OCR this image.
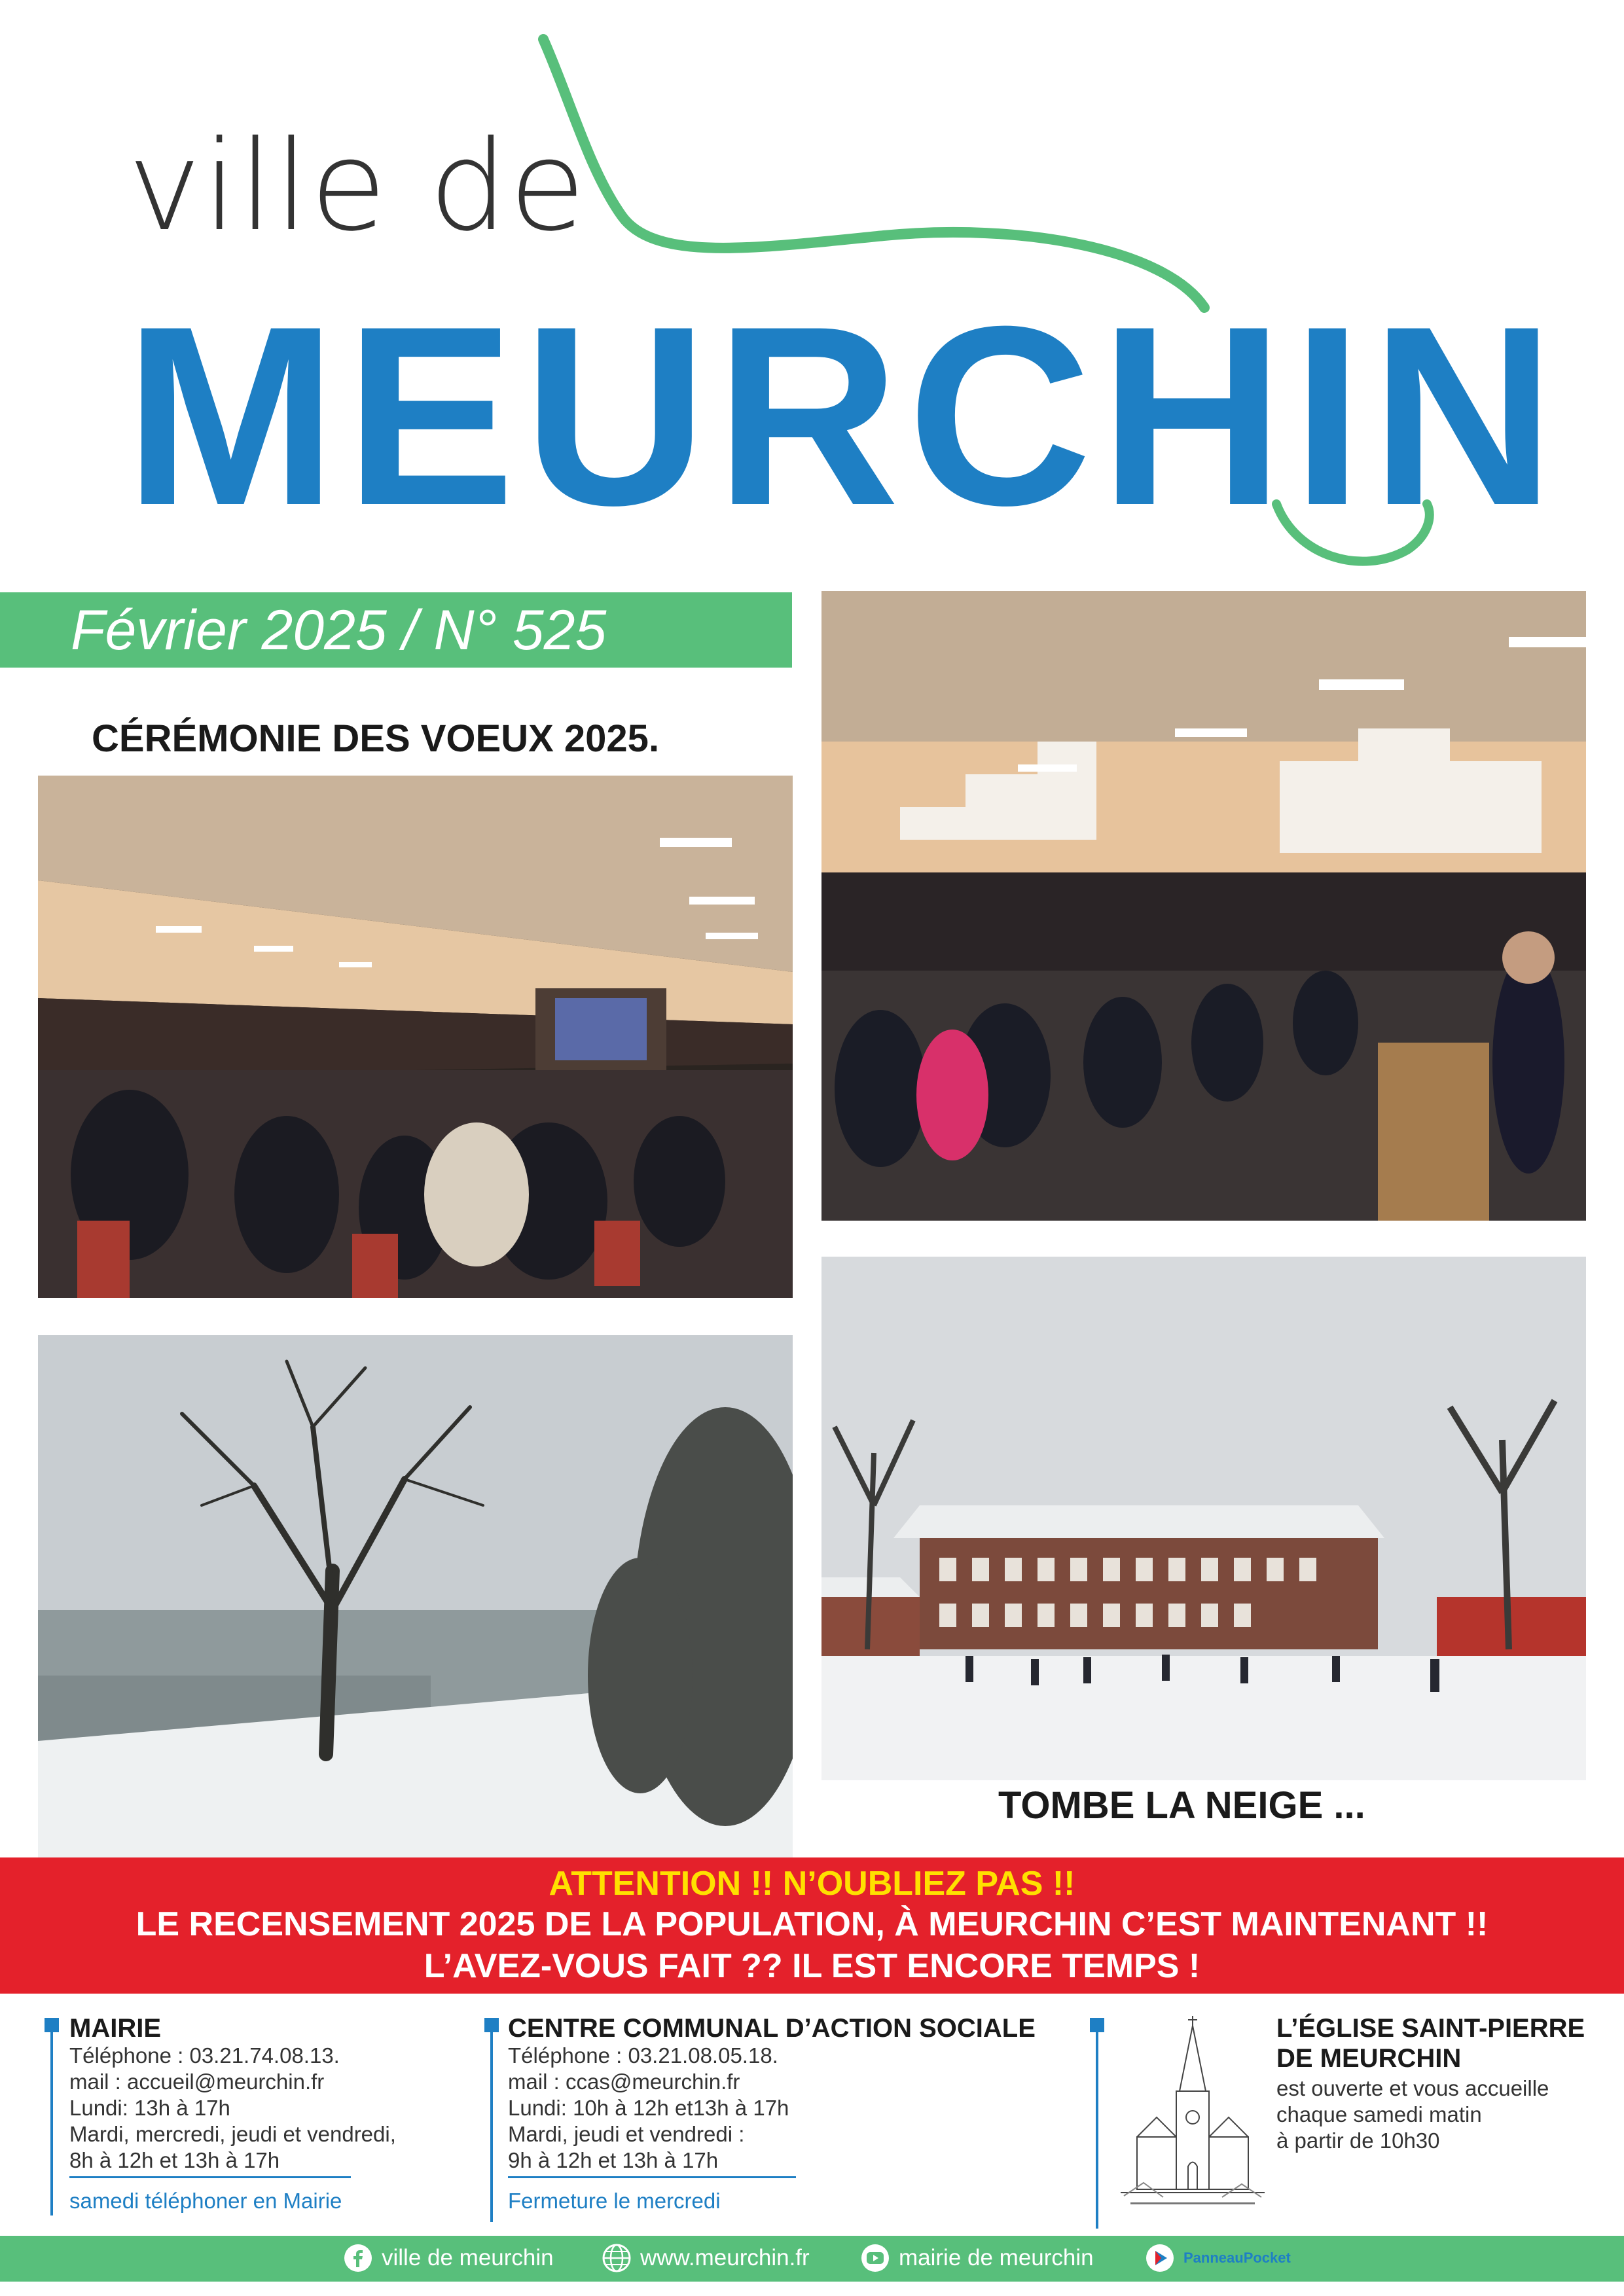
ville de
MEURCHIN
Février 2025 / N° 525
CÉRÉMONIE DES VOEUX 2025.
TOMBE LA NEIGE ...
ATTENTION !! N’OUBLIEZ PAS !!
LE RECENSEMENT 2025 DE LA POPULATION, À MEURCHIN C’EST MAINTENANT !!
L’AVEZ-VOUS FAIT ?? IL EST ENCORE TEMPS !
MAIRIE
Téléphone : 03.21.74.08.13.
mail : accueil@meurchin.fr
Lundi: 13h à 17h
Mardi, mercredi, jeudi et vendredi,
8h à 12h et 13h à 17h
samedi téléphoner en Mairie
CENTRE COMMUNAL D’ACTION SOCIALE
Téléphone : 03.21.08.05.18.
mail : ccas@meurchin.fr
Lundi: 10h à 12h et13h à 17h
Mardi, jeudi et vendredi :
9h à 12h et 13h à 17h
Fermeture le mercredi
L’ÉGLISE SAINT-PIERRE
DE MEURCHIN
est ouverte et vous accueille
chaque samedi matin
à partir de 10h30
ville de meurchin	www.meurchin.fr	mairie de meurchin	PanneauPocket
